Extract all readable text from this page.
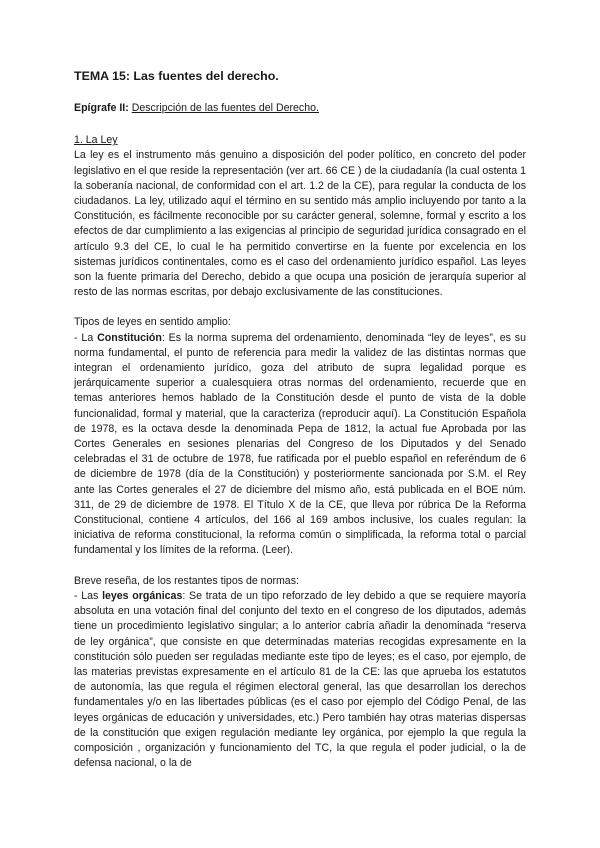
TEMA 15: Las fuentes del derecho.
Epígrafe II: Descripción de las fuentes del Derecho.
1. La Ley

La ley es el instrumento más genuino a disposición del poder político, en concreto del poder legislativo en el que reside la representación (ver art. 66 CE ) de la ciudadanía (la cual ostenta 1 la soberanía nacional, de conformidad con el art. 1.2 de la CE), para regular la conducta de los ciudadanos. La ley, utilizado aquí el término en su sentido más amplio incluyendo por tanto a la Constitución, es fácilmente reconocible por su carácter general, solemne, formal y escrito a los efectos de dar cumplimiento a las exigencias al principio de seguridad jurídica consagrado en el artículo 9.3 del CE, lo cual le ha permitido convertirse en la fuente por excelencia en los sistemas jurídicos continentales, como es el caso del ordenamiento jurídico español. Las leyes son la fuente primaria del Derecho, debido a que ocupa una posición de jerarquía superior al resto de las normas escritas, por debajo exclusivamente de las constituciones.

Tipos de leyes en sentido amplio:

- La Constitución: Es la norma suprema del ordenamiento, denominada “ley de leyes”, es su norma fundamental, el punto de referencia para medir la validez de las distintas normas que integran el ordenamiento jurídico, goza del atributo de supra legalidad porque es jerárquicamente superior a cualesquiera otras normas del ordenamiento, recuerde que en temas anteriores hemos hablado de la Constitución desde el punto de vista de la doble funcionalidad, formal y material, que la caracteriza (reproducir aquí). La Constitución Española de 1978, es la octava desde la denominada Pepa de 1812, la actual fue Aprobada por las Cortes Generales en sesiones plenarias del Congreso de los Diputados y del Senado celebradas el 31 de octubre de 1978, fue ratificada por el pueblo español en referéndum de 6 de diciembre de 1978 (día de la Constitución) y posteriormente sancionada por S.M. el Rey ante las Cortes generales el 27 de diciembre del mismo año, está publicada en el BOE núm. 311, de 29 de diciembre de 1978. El Título X de la CE, que lleva por rúbrica De la Reforma Constitucional, contiene 4 artículos, del 166 al 169 ambos inclusive, los cuales regulan: la iniciativa de reforma constitucional, la reforma común o simplificada, la reforma total o parcial fundamental y los límites de la reforma. (Leer).

Breve reseña, de los restantes tipos de normas:

- Las leyes orgánicas: Se trata de un tipo reforzado de ley debido a que se requiere mayoría absoluta en una votación final del conjunto del texto en el congreso de los diputados, además tiene un procedimiento legislativo singular; a lo anterior cabría añadir la denominada “reserva de ley orgánica”, que consiste en que determinadas materias recogidas expresamente en la constitución sólo pueden ser reguladas mediante este tipo de leyes; es el caso, por ejemplo, de las materias previstas expresamente en el artículo 81 de la CE: las que aprueba los estatutos de autonomía, las que regula el régimen electoral general, las que desarrollan los derechos fundamentales y/o en las libertades públicas (es el caso por ejemplo del Código Penal, de las leyes orgánicas de educación y universidades, etc.) Pero también hay otras materias dispersas de la constitución que exigen regulación mediante ley orgánica, por ejemplo la que regula la composición , organización y funcionamiento del TC, la que regula el poder judicial, o la de defensa nacional, o la de
